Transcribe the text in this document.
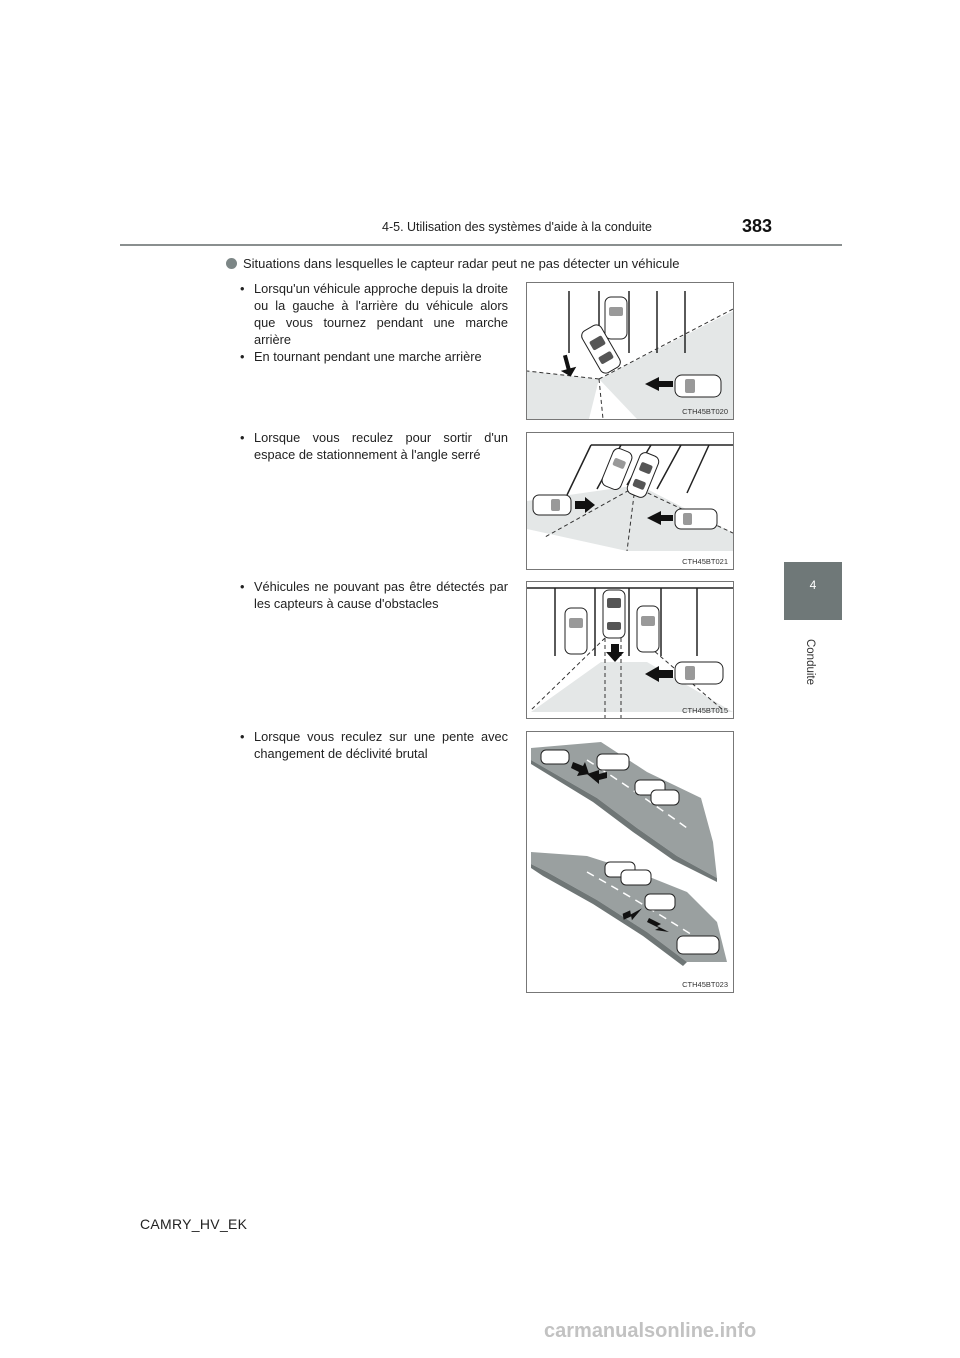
4-5. Utilisation des systèmes d'aide à la conduite	383
4
Conduite
Situations dans lesquelles le capteur radar peut ne pas détecter un véhicule

• Lorsqu'un véhicule approche depuis la droite ou la gauche à l'arrière du véhicule alors que vous tournez pendant une marche arrière

• En tournant pendant une marche arrière

• Lorsque vous reculez pour sortir d'un espace de stationnement à l'angle serré

• Véhicules ne pouvant pas être détectés par les capteurs à cause d'obstacles

• Lorsque vous reculez sur une pente avec changement de déclivité brutal

CTH45BT020
CTH45BT021
CTH45BT015
CTH45BT023
CAMRY_HV_EK
carmanualsonline.info
